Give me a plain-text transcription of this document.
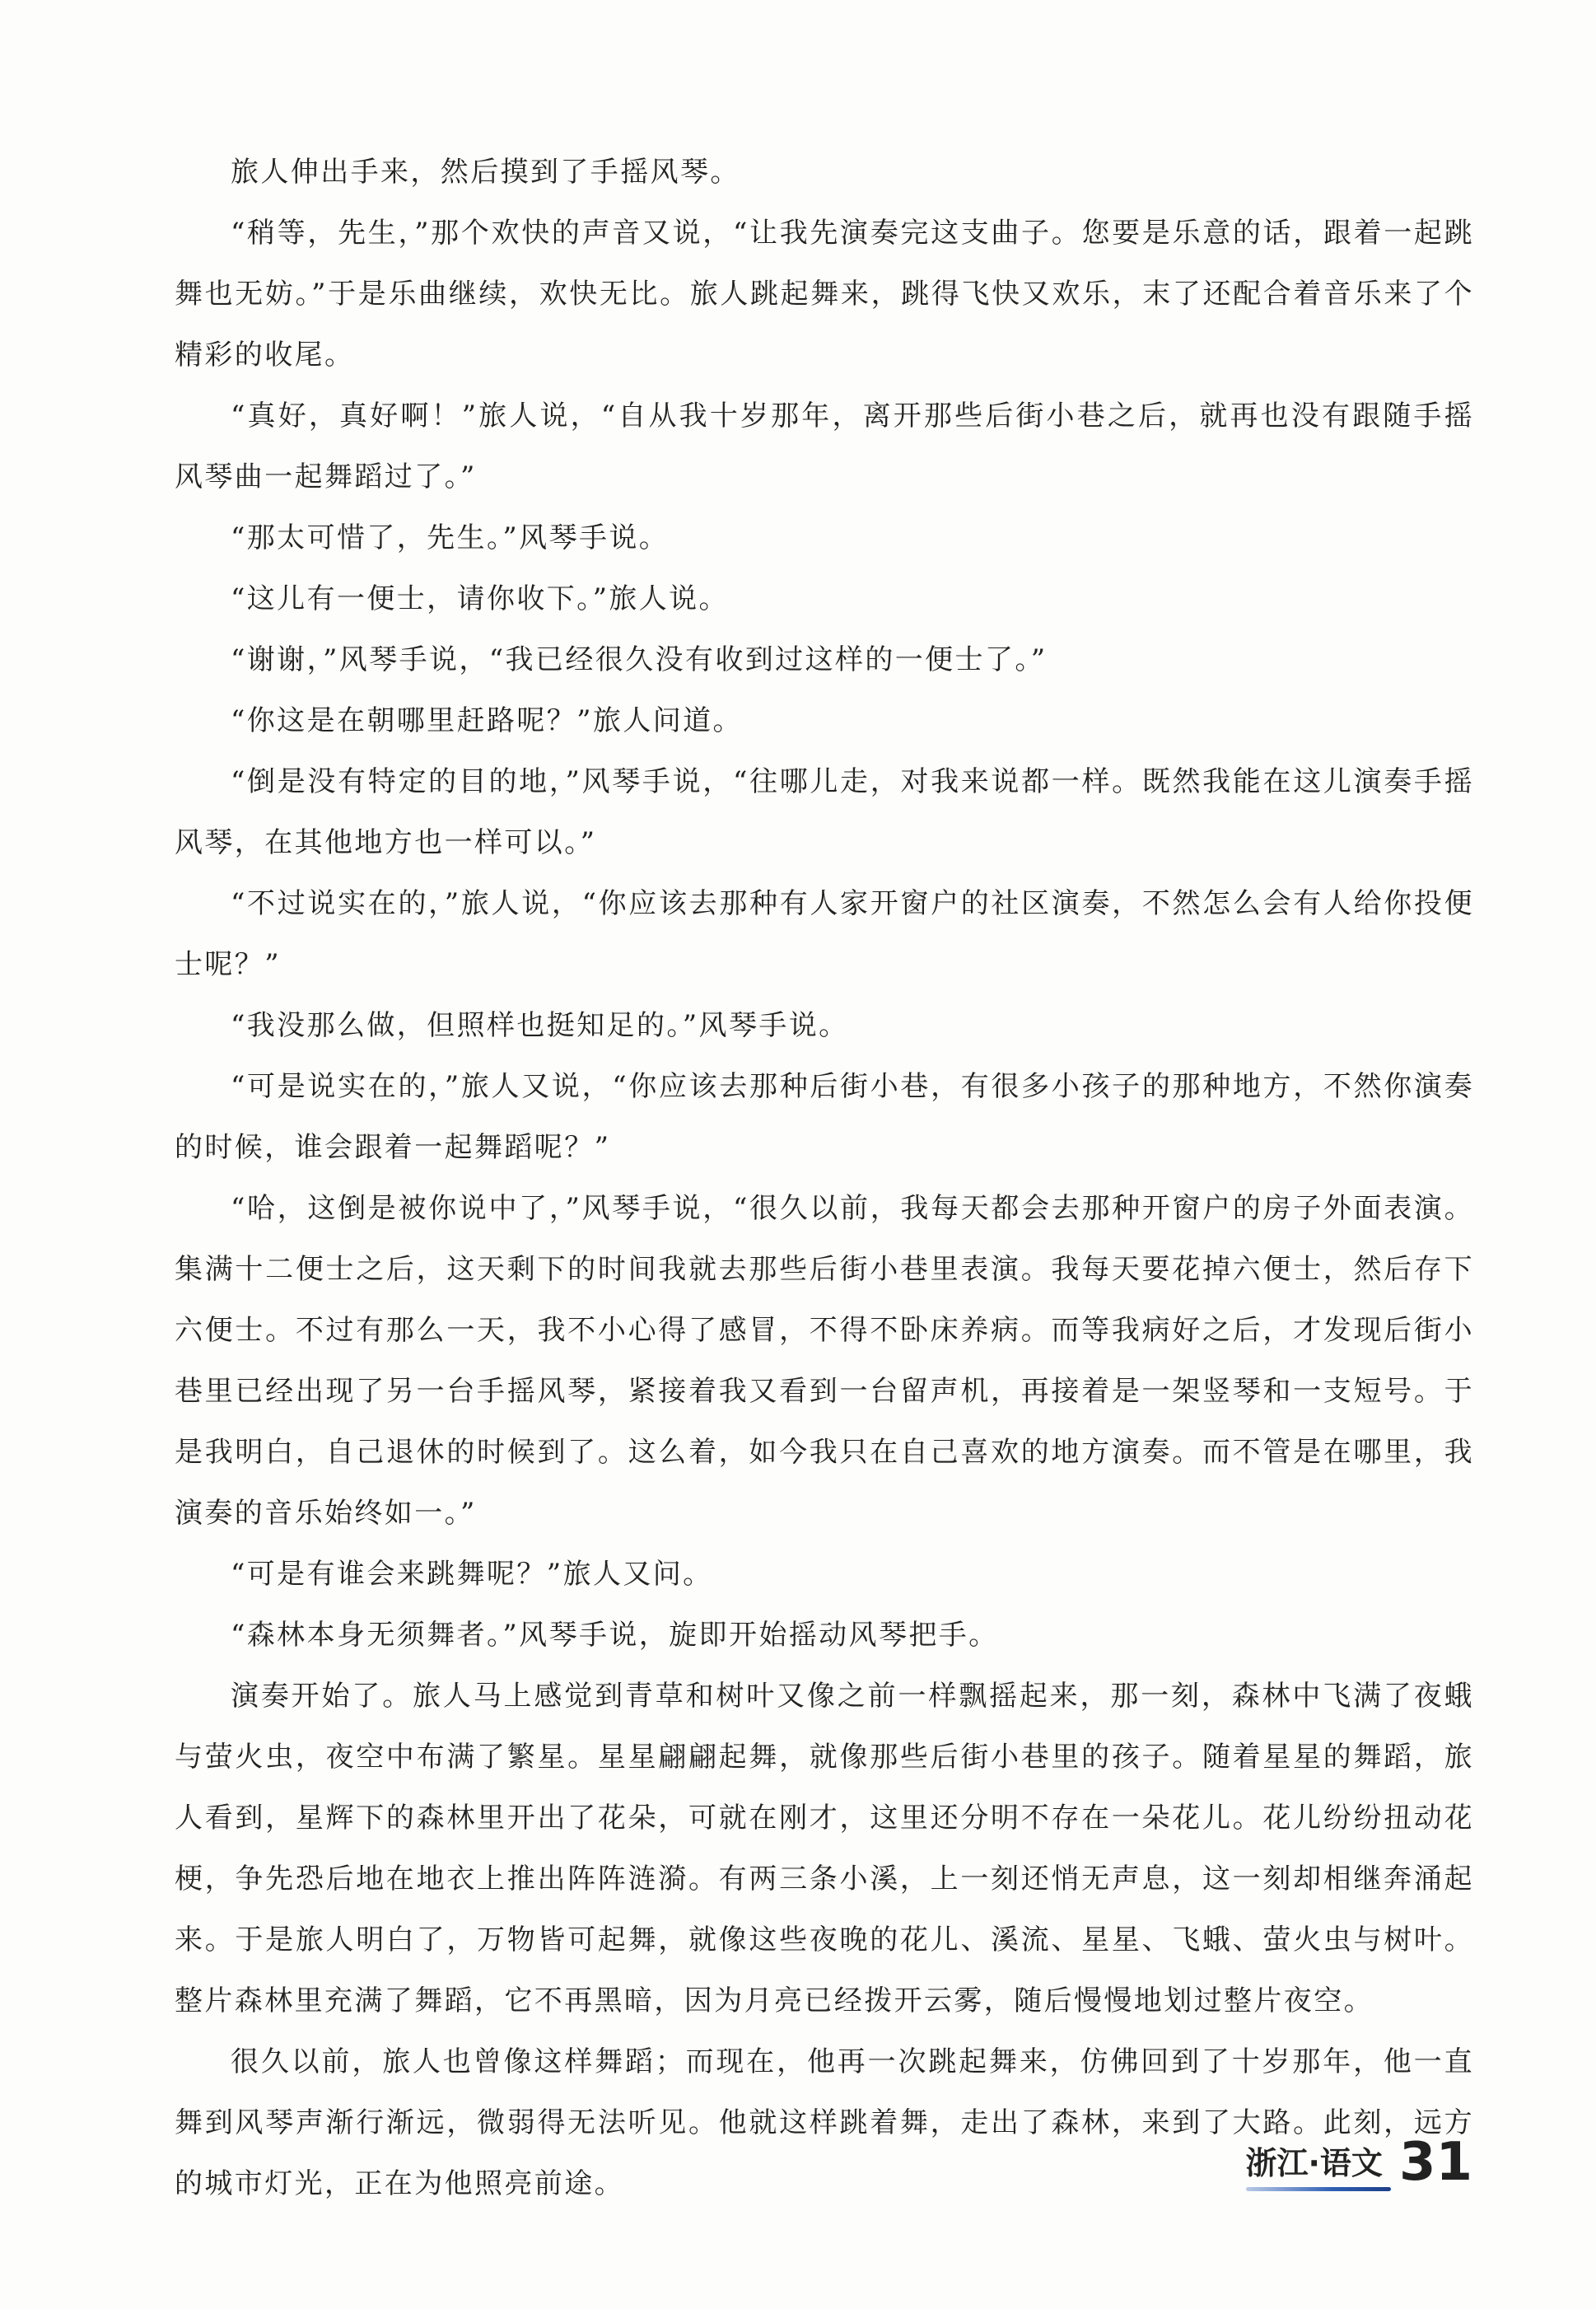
旅人伸出手来，然后摸到了手摇风琴。

“稍等，先生，”那个欢快的声音又说，“让我先演奏完这支曲子。您要是乐意的话，跟着一起跳舞也无妨。”于是乐曲继续，欢快无比。旅人跳起舞来，跳得飞快又欢乐，末了还配合着音乐来了个精彩的收尾。

“真好，真好啊！”旅人说，“自从我十岁那年，离开那些后街小巷之后，就再也没有跟随手摇风琴曲一起舞蹈过了。”

“那太可惜了，先生。”风琴手说。

“这儿有一便士，请你收下。”旅人说。

“谢谢，”风琴手说，“我已经很久没有收到过这样的一便士了。”

“你这是在朝哪里赶路呢？”旅人问道。

“倒是没有特定的目的地，”风琴手说，“往哪儿走，对我来说都一样。既然我能在这儿演奏手摇风琴，在其他地方也一样可以。”

“不过说实在的，”旅人说，“你应该去那种有人家开窗户的社区演奏，不然怎么会有人给你投便士呢？”

“我没那么做，但照样也挺知足的。”风琴手说。

“可是说实在的，”旅人又说，“你应该去那种后街小巷，有很多小孩子的那种地方，不然你演奏的时候，谁会跟着一起舞蹈呢？”

“哈，这倒是被你说中了，”风琴手说，“很久以前，我每天都会去那种开窗户的房子外面表演。集满十二便士之后，这天剩下的时间我就去那些后街小巷里表演。我每天要花掉六便士，然后存下六便士。不过有那么一天，我不小心得了感冒，不得不卧床养病。而等我病好之后，才发现后街小巷里已经出现了另一台手摇风琴，紧接着我又看到一台留声机，再接着是一架竖琴和一支短号。于是我明白，自己退休的时候到了。这么着，如今我只在自己喜欢的地方演奏。而不管是在哪里，我演奏的音乐始终如一。”

“可是有谁会来跳舞呢？”旅人又问。

“森林本身无须舞者。”风琴手说，旋即开始摇动风琴把手。

演奏开始了。旅人马上感觉到青草和树叶又像之前一样飘摇起来，那一刻，森林中飞满了夜蛾与萤火虫，夜空中布满了繁星。星星翩翩起舞，就像那些后街小巷里的孩子。随着星星的舞蹈，旅人看到，星辉下的森林里开出了花朵，可就在刚才，这里还分明不存在一朵花儿。花儿纷纷扭动花梗，争先恐后地在地衣上推出阵阵涟漪。有两三条小溪，上一刻还悄无声息，这一刻却相继奔涌起来。于是旅人明白了，万物皆可起舞，就像这些夜晚的花儿、溪流、星星、飞蛾、萤火虫与树叶。整片森林里充满了舞蹈，它不再黑暗，因为月亮已经拨开云雾，随后慢慢地划过整片夜空。

很久以前，旅人也曾像这样舞蹈；而现在，他再一次跳起舞来，仿佛回到了十岁那年，他一直舞到风琴声渐行渐远，微弱得无法听见。他就这样跳着舞，走出了森林，来到了大路。此刻，远方的城市灯光，正在为他照亮前途。

浙江·语文 31
